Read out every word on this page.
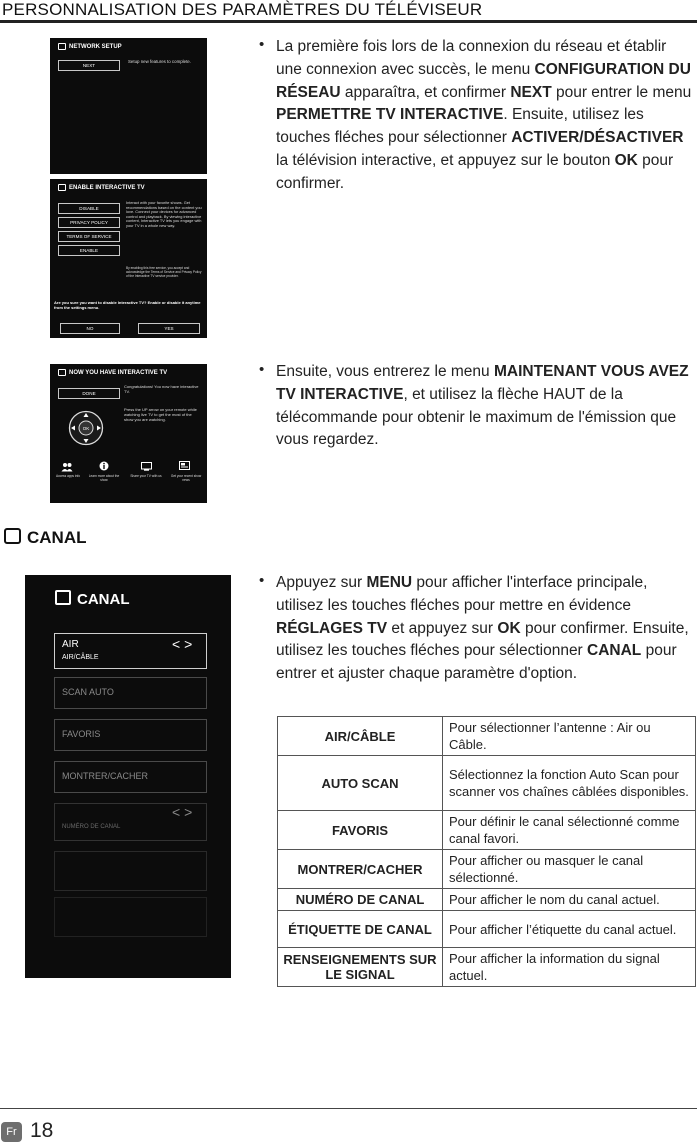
PERSONNALISATION DES PARAMÈTRES DU TÉLÉVISEUR
NETWORK SETUP
NEXT
Setup new features to complete.
ENABLE INTERACTIVE TV
DISABLE
PRIVACY POLICY
TERMS OF SERVICE
ENABLE
Interact with your favorite shows. Get recommendations based on the content you love. Connect your devices for advanced control and playback. By viewing interactive content, Interactive TV lets you engage with your TV in a whole new way.
By enabling this free service, you accept and acknowledge the Terms of Service and Privacy Policy of the Interactive TV service provider.
Are you sure you want to disable Interactive TV? Enable or disable it anytime from the settings menu.
NO	YES
NOW YOU HAVE INTERACTIVE TV
DONE
Congratulations! You now have interactive TV.
Press the UP arrow on your remote while watching live TV to get the most of the show you are watching.
OK
Access apps info	Learn more about the show
Share your TV with us	Get your recent show news
• La première fois lors de la connexion du réseau et établir une connexion avec succès, le menu CONFIGURATION DU RÉSEAU apparaîtra, et confirmer NEXT pour entrer le menu PERMETTRE TV INTERACTIVE. Ensuite, utilisez les touches fléches pour sélectionner ACTIVER/DÉSACTIVER la télévision interactive, et appuyez sur le bouton OK pour confirmer.
• Ensuite, vous entrerez le menu MAINTENANT VOUS AVEZ TV INTERACTIVE, et utilisez la flèche HAUT de la télécommande pour obtenir le maximum de l'émission que vous regardez.
CANAL
CANAL
AIR	< >
AIR/CÂBLE
SCAN AUTO
FAVORIS
MONTRER/CACHER
NUMÉRO DE CANAL
< >
• Appuyez sur MENU pour afficher l'interface principale, utilisez les touches fléches pour mettre en évidence RÉGLAGES TV et appuyez sur OK pour confirmer. Ensuite, utilisez les touches fléches pour sélectionner CANAL pour entrer et ajuster chaque paramètre d'option.
AIR/CÂBLE	Pour sélectionner l’antenne : Air ou Câble.
AUTO SCAN	Sélectionnez la fonction Auto Scan pour scanner vos chaînes câblées disponibles.
FAVORIS	Pour définir le canal sélectionné comme canal favori.
MONTRER/CACHER	Pour afficher ou masquer le canal sélectionné.
NUMÉRO DE CANAL	Pour afficher le nom du canal actuel.
ÉTIQUETTE DE CANAL	Pour afficher l’étiquette du canal actuel.
RENSEIGNEMENTS SUR LE SIGNAL	Pour afficher la information du signal actuel.
Fr 18
